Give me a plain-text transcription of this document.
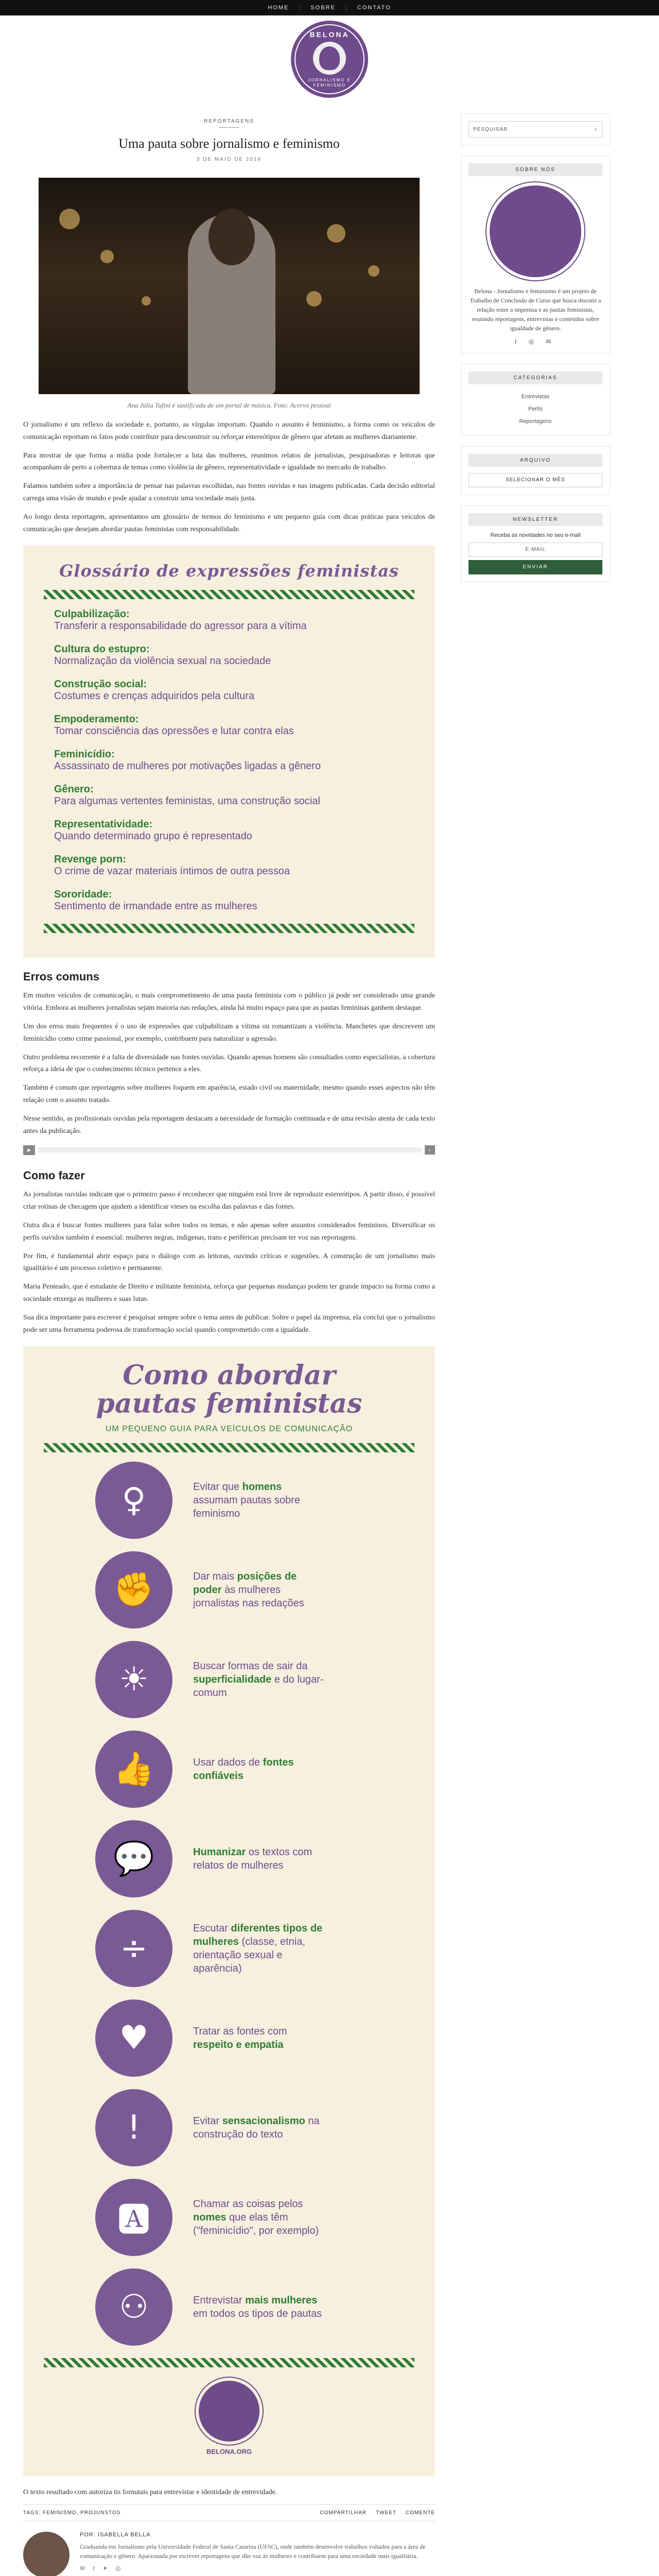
HOME | SOBRE | CONTATO
BELONA
JORNALISMO E FEMINISMO
REPORTAGENS
Uma pauta sobre jornalismo e feminismo
3 DE MAIO DE 2018
Ana Júlia Tufini é sastificada de um portal de música. Foto: Acervo pessoal

O jornalismo é um reflexo da sociedade e, portanto, as vírgulas importam. Quando o assunto é feminismo, a forma como os veículos de comunicação reportam os fatos pode contribuir para desconstruir ou reforçar estereótipos de gênero que afetam as mulheres diariamente.

Para mostrar de que forma a mídia pode fortalecer a luta das mulheres, reunimos relatos de jornalistas, pesquisadoras e leitoras que acompanham de perto a cobertura de temas como violência de gênero, representatividade e igualdade no mercado de trabalho.

Falamos também sobre a importância de pensar nas palavras escolhidas, nas fontes ouvidas e nas imagens publicadas. Cada decisão editorial carrega uma visão de mundo e pode ajudar a construir uma sociedade mais justa.

Ao longo desta reportagem, apresentamos um glossário de termos do feminismo e um pequeno guia com dicas práticas para veículos de comunicação que desejam abordar pautas feministas com responsabilidade.

Glossário de expressões feministas
Culpabilização:
Transferir a responsabilidade do agressor para a vítima
Cultura do estupro:
Normalização da violência sexual na sociedade
Construção social:
Costumes e crenças adquiridos pela cultura
Empoderamento:
Tomar consciência das opressões e lutar contra elas
Feminicídio:
Assassinato de mulheres por motivações ligadas a gênero
Gênero:
Para algumas vertentes feministas, uma construção social
Representatividade:
Quando determinado grupo é representado
Revenge porn:
O crime de vazar materiais íntimos de outra pessoa
Sororidade:
Sentimento de irmandade entre as mulheres
Erros comuns

Em muitos veículos de comunicação, o mais comprometimento de uma pauta feminista com o público já pode ser considerado uma grande vitória. Embora as mulheres jornalistas sejam maioria nas redações, ainda há muito espaço para que as pautas femininas ganhem destaque.

Um dos erros mais frequentes é o uso de expressões que culpabilizam a vítima ou romantizam a violência. Manchetes que descrevem um feminicídio como crime passional, por exemplo, contribuem para naturalizar a agressão.

Outro problema recorrente é a falta de diversidade nas fontes ouvidas. Quando apenas homens são consultados como especialistas, a cobertura reforça a ideia de que o conhecimento técnico pertence a eles.

Também é comum que reportagens sobre mulheres foquem em aparência, estado civil ou maternidade, mesmo quando esses aspectos não têm relação com o assunto tratado.

Nesse sentido, as profissionais ouvidas pela reportagem destacam a necessidade de formação continuada e de uma revisão atenta de cada texto antes da publicação.

▶	♪
Como fazer

As jornalistas ouvidas indicam que o primeiro passo é reconhecer que ninguém está livre de reproduzir estereótipos. A partir disso, é possível criar rotinas de checagem que ajudem a identificar vieses na escolha das palavras e das fontes.

Outra dica é buscar fontes mulheres para falar sobre todos os temas, e não apenas sobre assuntos considerados femininos. Diversificar os perfis ouvidos também é essencial: mulheres negras, indígenas, trans e periféricas precisam ter voz nas reportagens.

Por fim, é fundamental abrir espaço para o diálogo com as leitoras, ouvindo críticas e sugestões. A construção de um jornalismo mais igualitário é um processo coletivo e permanente.

Maria Penteado, que é estudante de Direito e militante feminista, reforça que pequenas mudanças podem ter grande impacto na forma como a sociedade enxerga as mulheres e suas lutas.

Sua dica importante para escrever é pesquisar sempre sobre o tema antes de publicar. Sobre o papel da imprensa, ela conclui que o jornalismo pode ser uma ferramenta poderosa de transformação social quando comprometido com a igualdade.

Como abordar
pautas feministas
UM PEQUENO GUIA PARA VEÍCULOS DE COMUNICAÇÃO
♀	Evitar que homens assumam pautas sobre feminismo
✊	Dar mais posições de poder às mulheres jornalistas nas redações
☀	Buscar formas de sair da superficialidade e do lugar-comum
👍	Usar dados de fontes confiáveis
💬	Humanizar os textos com relatos de mulheres
÷
Escutar diferentes tipos de mulheres (classe, etnia, orientação sexual e aparência)
♥	Tratar as fontes com respeito e empatia
!	Evitar sensacionalismo na construção do texto
🅰	Chamar as coisas pelos nomes que elas têm ("feminicídio", por exemplo)
⚇	Entrevistar mais mulheres em todos os tipos de pautas
BELONA.ORG

O texto resultado com autoriza tis fornutais para entrevistar e identidade de entrevidade.

TAGS: FEMINISMO, PROJUNSTOS	COMPARTILHAR TWEET COMENTE
POR: ISABELLA BELLA
Graduanda em Jornalismo pela Universidade Federal de Santa Catarina (UFSC), onde também desenvolve trabalhos voltados para a área de comunicação e gênero. Apaixonada por escrever reportagens que dão voz às mulheres e contribuem para uma sociedade mais igualitária.
✉ f ✦ ◎
PESQUISAR	⌕
SOBRE NÓS
Belona - Jornalismo e feminismo é um projeto de Trabalho de Conclusão de Curso que busca discutir a relação entre a imprensa e as pautas feministas, reunindo reportagens, entrevistas e conteúdos sobre igualdade de gênero.
f ◎ ✉
CATEGORIAS
Entrevistas
Perfis
Reportagens
ARQUIVO
SELECIONAR O MÊS
NEWSLETTER
Receba as novidades no seu e-mail
E-MAIL
ENVIAR
